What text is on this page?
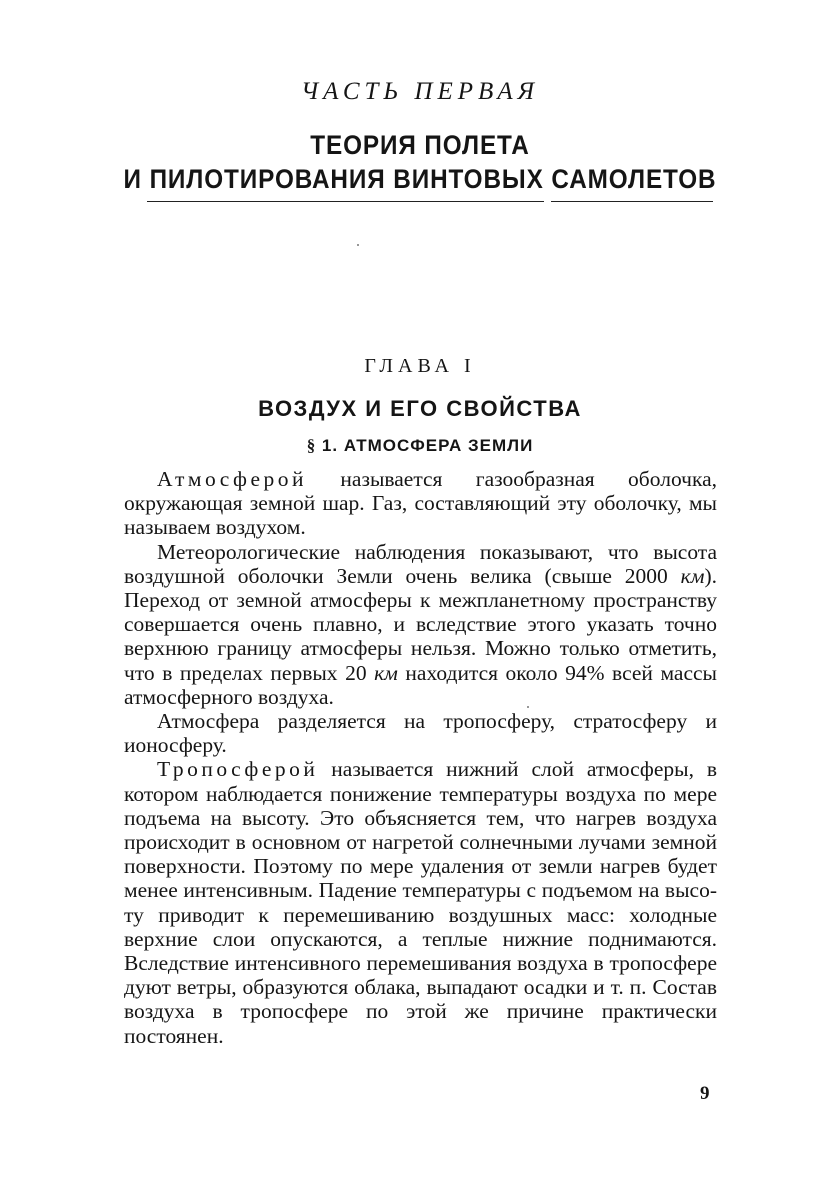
ЧАСТЬ ПЕРВАЯ
ТЕОРИЯ ПОЛЕТА
И ПИЛОТИРОВАНИЯ ВИНТОВЫХ САМОЛЕТОВ
ГЛАВА I
ВОЗДУХ И ЕГО СВОЙСТВА
§ 1. АТМОСФЕРА ЗЕМЛИ

Атмосферой называется газообразная оболочка, окружающая земной шар. Газ, составляющий эту оболочку, мы называем воздухом.

Метеорологические наблюдения показывают, что высота воздушной оболочки Земли очень велика (свыше 2000 км). Переход от земной атмосферы к межпланетному пространству совершается очень плавно, и вследствие этого указать точно верхнюю границу атмосферы нельзя. Можно только отметить, что в пределах первых 20 км находится около 94% всей массы атмосферного воздуха.

Атмосфера разделяется на тропосферу, стратосферу и ионосферу.

Тропосферой называется нижний слой атмосферы, в котором наблюдается понижение температуры воздуха по мере подъема на высоту. Это объясняется тем, что нагрев воздуха происходит в основном от нагретой солнечными лучами земной поверхности. Поэтому по мере удаления от земли нагрев будет менее интенсивным. Падение температуры с подъемом на высоту приводит к перемешиванию воздушных масс: холодные верхние слои опускаются, а теплые нижние поднимаются. Вследствие интенсивного перемешивания воздуха в тропосфере дуют ветры, образуются облака, выпадают осадки и т. п. Состав воздуха в тропосфере по этой же причине практически постоянен.

9
